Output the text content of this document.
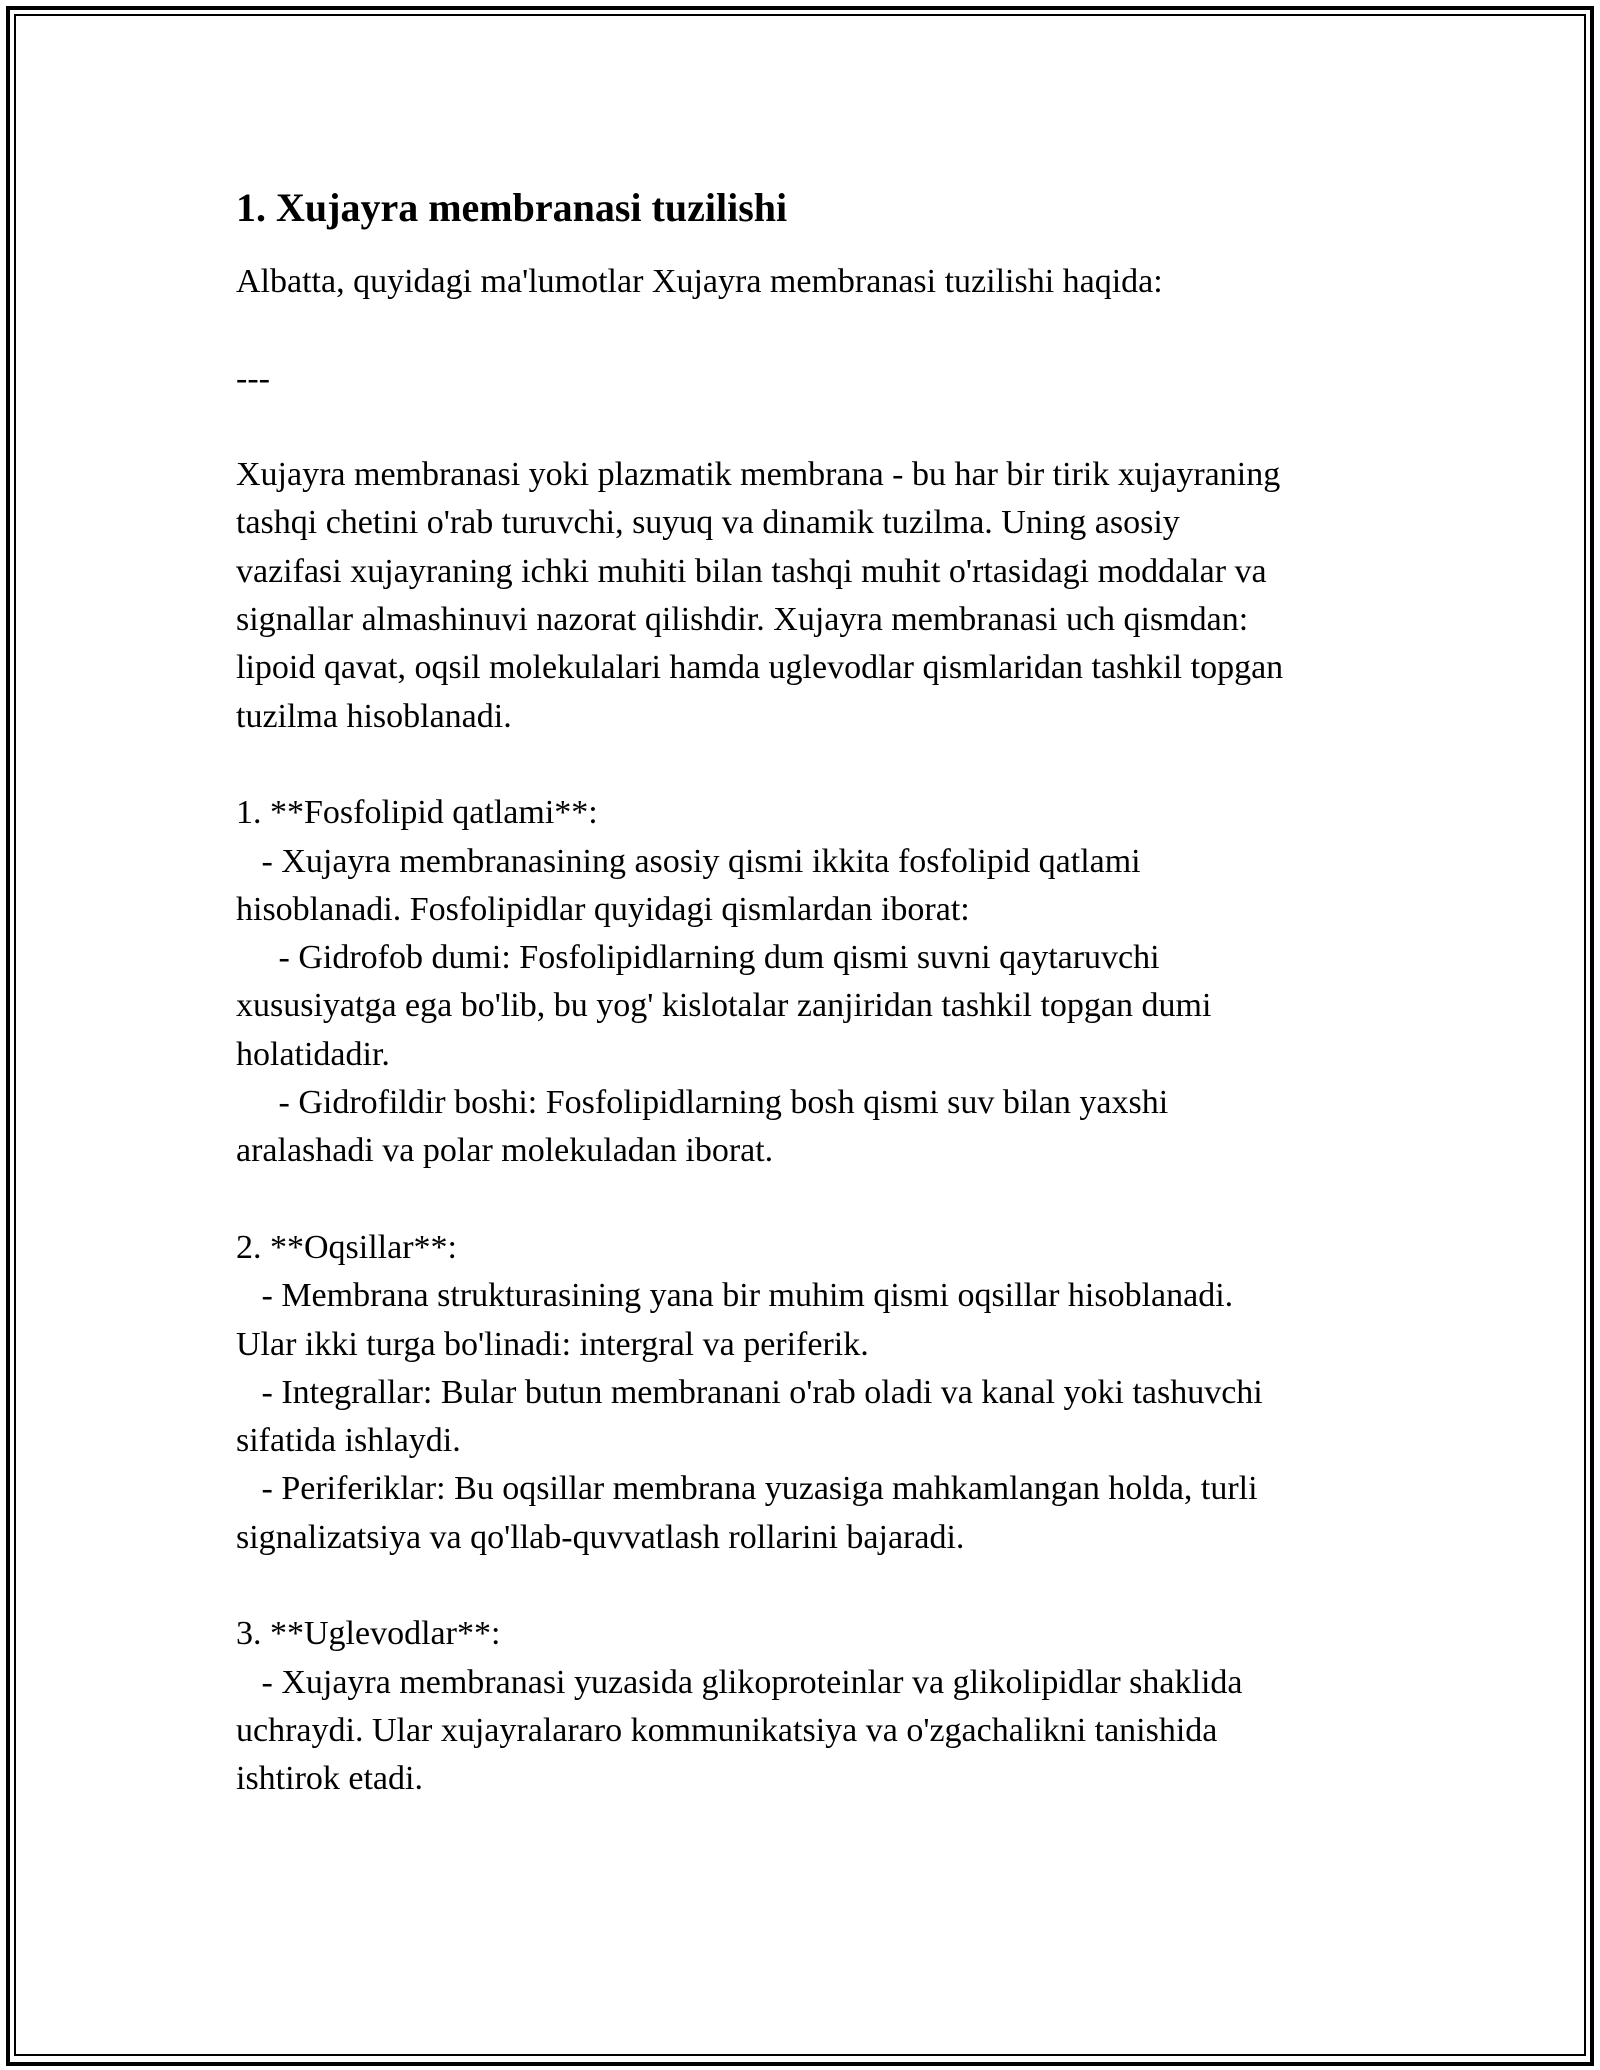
1. Xujayra membranasi tuzilishi
Albatta, quyidagi ma'lumotlar Xujayra membranasi tuzilishi haqida:

---

Xujayra membranasi yoki plazmatik membrana - bu har bir tirik xujayraning
tashqi chetini o'rab turuvchi, suyuq va dinamik tuzilma. Uning asosiy
vazifasi xujayraning ichki muhiti bilan tashqi muhit o'rtasidagi moddalar va
signallar almashinuvi nazorat qilishdir. Xujayra membranasi uch qismdan:
lipoid qavat, oqsil molekulalari hamda uglevodlar qismlaridan tashkil topgan
tuzilma hisoblanadi.

1. **Fosfolipid qatlami**:
- Xujayra membranasining asosiy qismi ikkita fosfolipid qatlami
hisoblanadi. Fosfolipidlar quyidagi qismlardan iborat:
- Gidrofob dumi: Fosfolipidlarning dum qismi suvni qaytaruvchi
xususiyatga ega bo'lib, bu yog' kislotalar zanjiridan tashkil topgan dumi
holatidadir.
- Gidrofildir boshi: Fosfolipidlarning bosh qismi suv bilan yaxshi
aralashadi va polar molekuladan iborat.

2. **Oqsillar**:
- Membrana strukturasining yana bir muhim qismi oqsillar hisoblanadi.
Ular ikki turga bo'linadi: intergral va periferik.
- Integrallar: Bular butun membranani o'rab oladi va kanal yoki tashuvchi
sifatida ishlaydi.
- Periferiklar: Bu oqsillar membrana yuzasiga mahkamlangan holda, turli
signalizatsiya va qo'llab-quvvatlash rollarini bajaradi.

3. **Uglevodlar**:
- Xujayra membranasi yuzasida glikoproteinlar va glikolipidlar shaklida
uchraydi. Ular xujayralararo kommunikatsiya va o'zgachalikni tanishida
ishtirok etadi.
